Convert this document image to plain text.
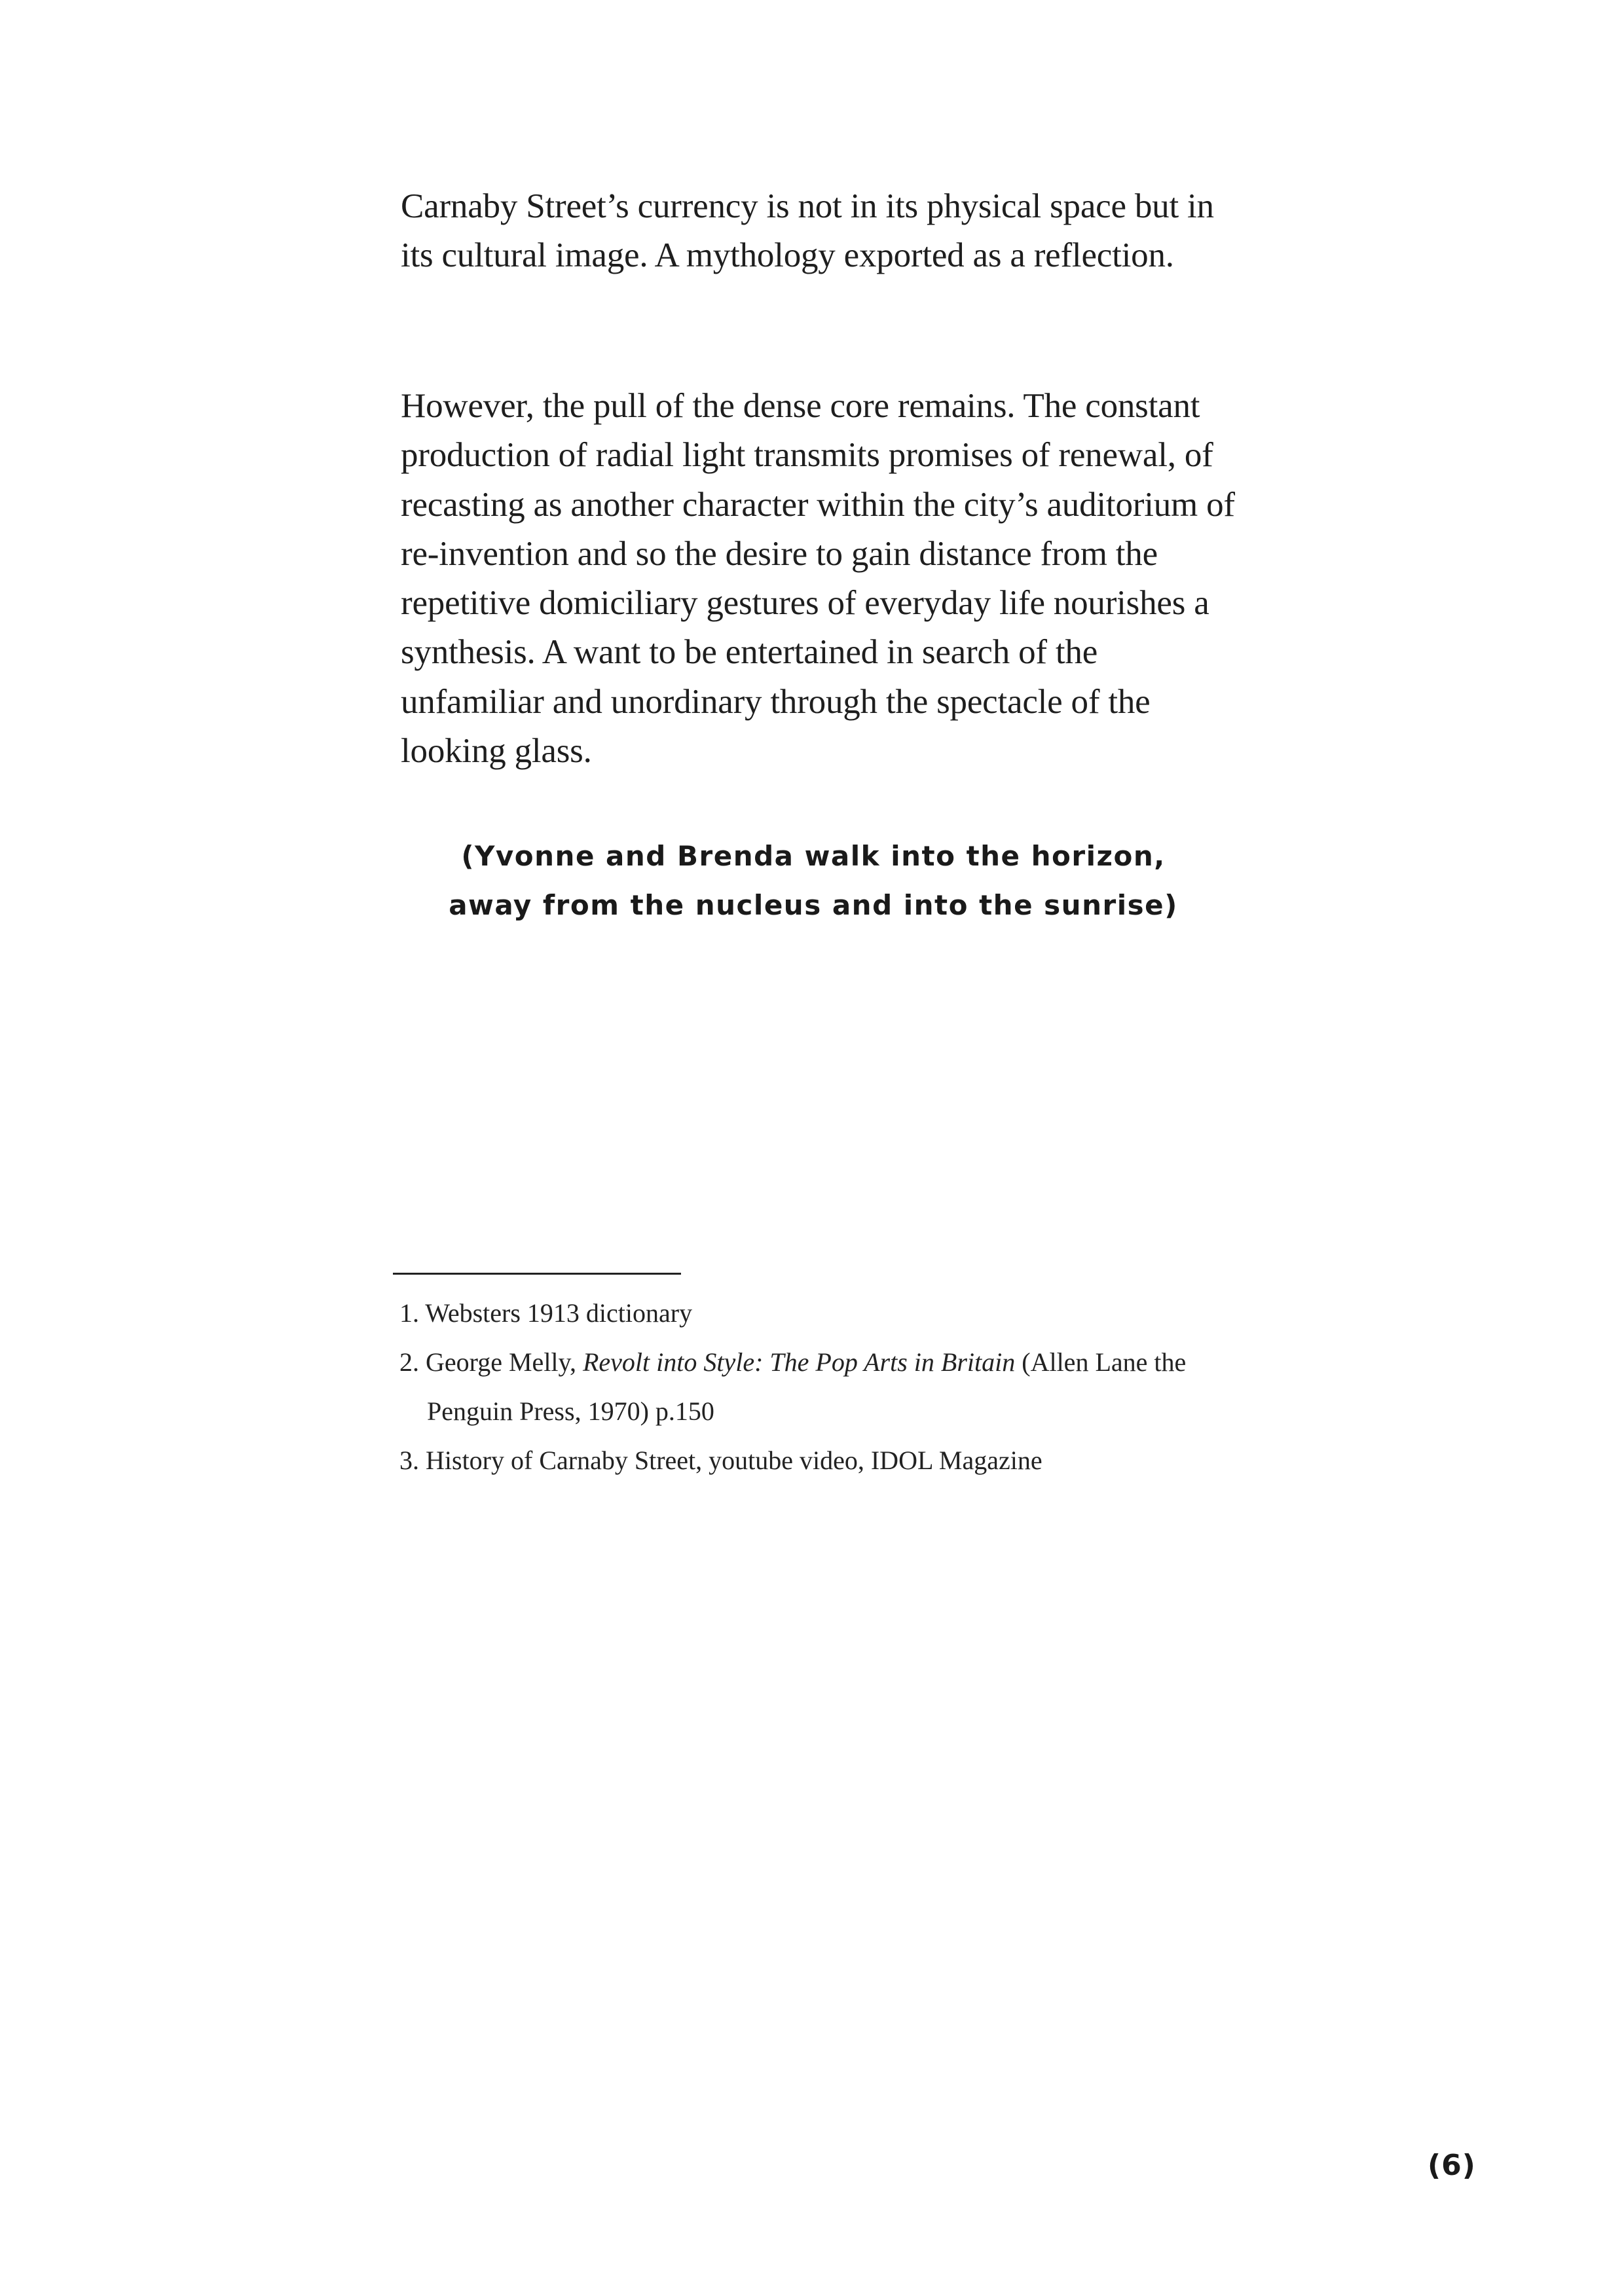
Carnaby Street’s currency is not in its physical space but in its cultural image. A mythology exported as a reflection.

However, the pull of the dense core remains. The constant production of radial light transmits promises of renewal, of recasting as another character within the city’s auditorium of re-invention and so the desire to gain distance from the repetitive domiciliary gestures of everyday life nourishes a synthesis. A want to be entertained in search of the unfamiliar and unordinary through the spectacle of the looking glass.

(Yvonne and Brenda walk into the horizon,
away from the nucleus and into the sunrise)

1. Websters 1913 dictionary
2. George Melly, Revolt into Style: The Pop Arts in Britain (Allen Lane the Penguin Press, 1970) p.150
3. History of Carnaby Street, youtube video, IDOL Magazine
(6)
